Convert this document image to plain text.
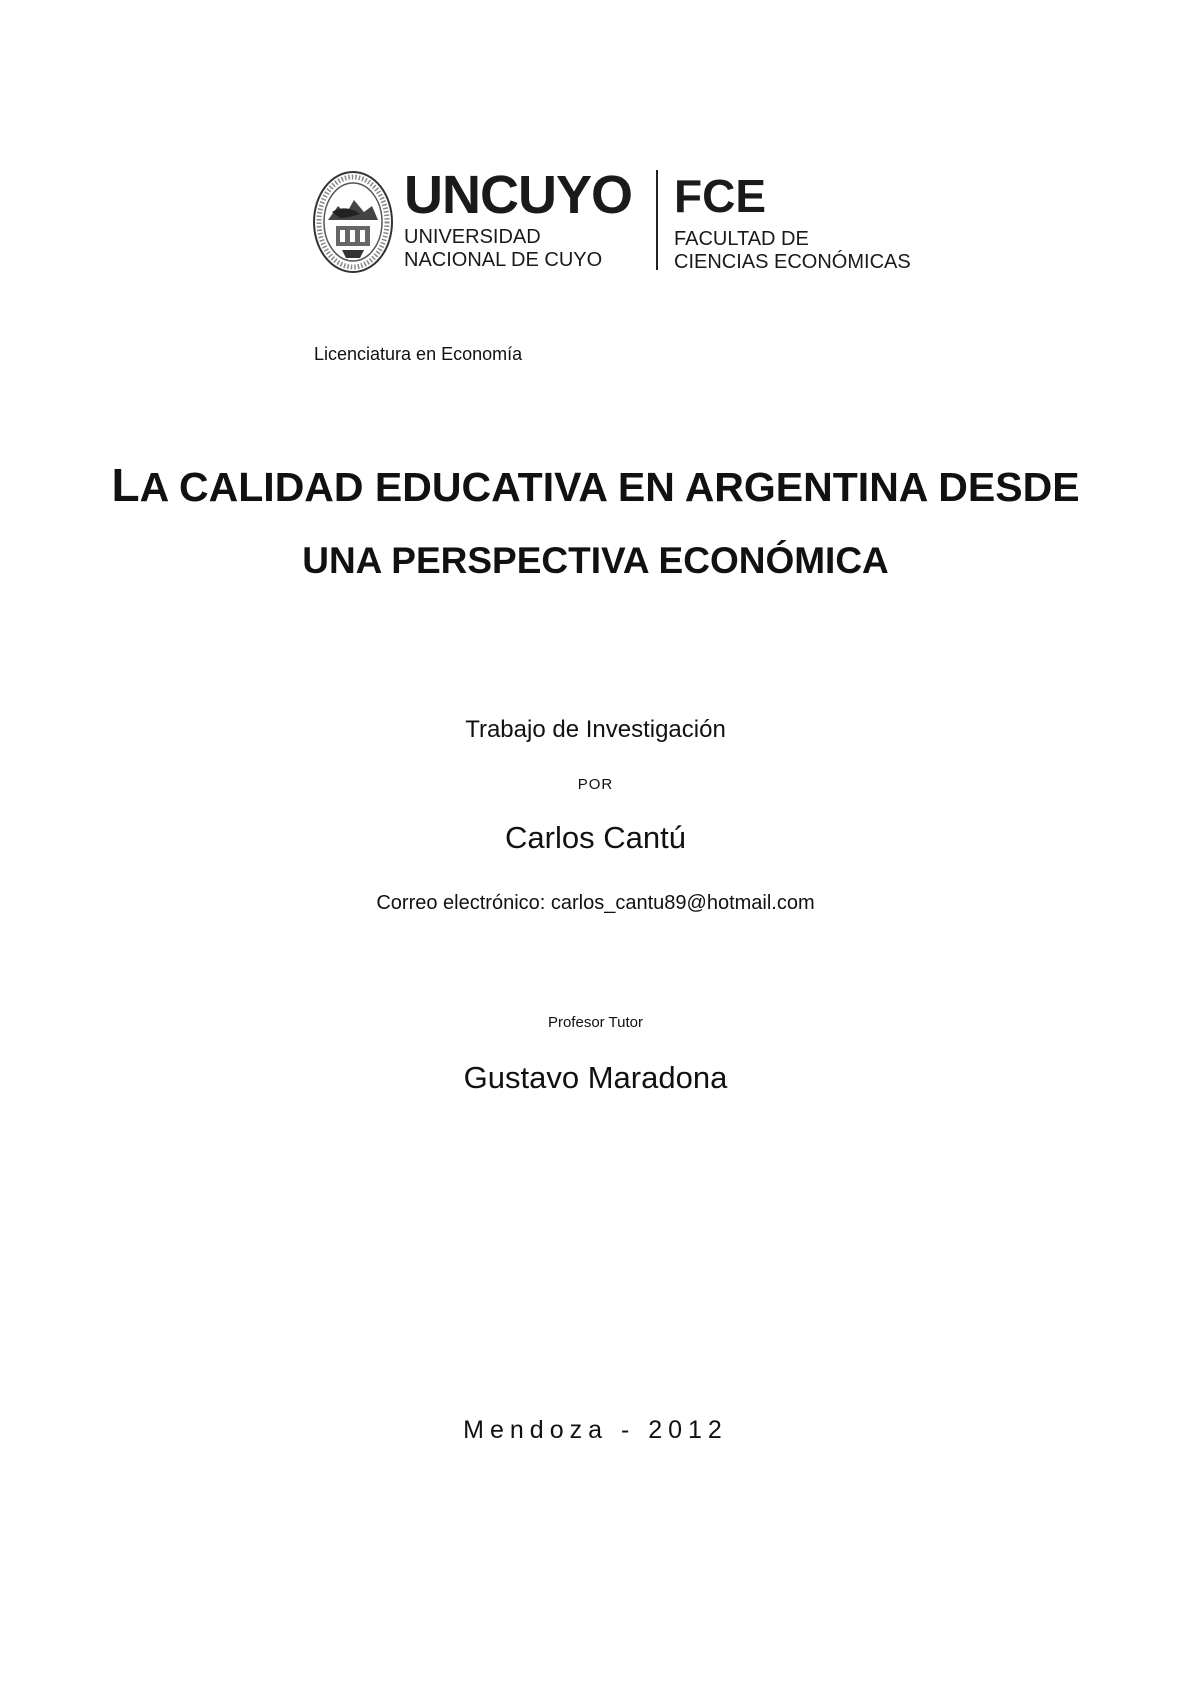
UNCUYO
UNIVERSIDAD
NACIONAL DE CUYO
FCE
FACULTAD DE
CIENCIAS ECONÓMICAS
Licenciatura en Economía
LA CALIDAD EDUCATIVA EN ARGENTINA DESDE
UNA PERSPECTIVA ECONÓMICA
Trabajo de Investigación
POR
Carlos Cantú
Correo electrónico: carlos_cantu89@hotmail.com
Profesor Tutor
Gustavo Maradona
Mendoza - 2012
